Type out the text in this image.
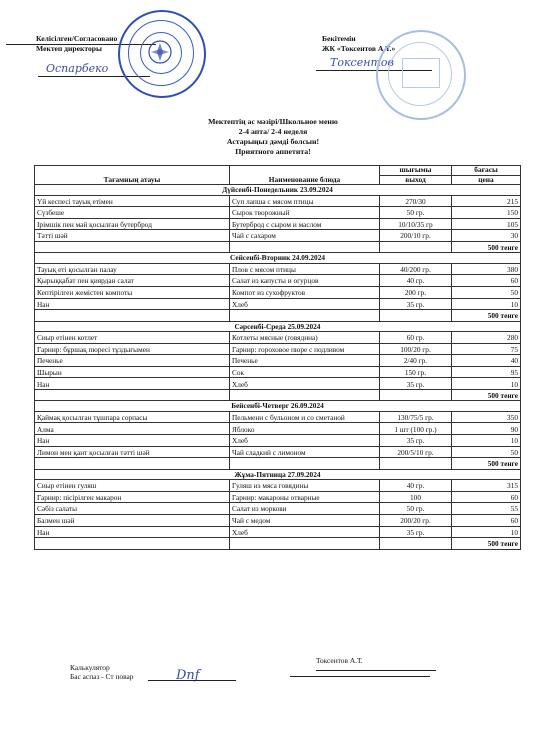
Келісілген/Согласовано
Мектеп директоры
Оспарбеко
Бекітемін
ЖК «Токсентов А.Т.»
Токсентов
Мектептің ас мәзірі/Школьное меню
2-4 апта/ 2-4 неделя
Астарыңыз дәмді болсын!
Приятного аппетита!
Тағамның атауы	Наименование блюда	шығымы	бағасы
		выход	цена
Дүйсенбі-Понедельник 23.09.2024			
Үй кеспесі тауық етімен	Суп лапша с мясом птицы	270/30	215
Сүзбеше	Сырок творожный	50 гр.	150
Ірімшік пен май қосылған бутерброд	Бутерброд с сыром и маслом	10/10/35 гр	105
Тәтті шәй	Чай с сахаром	200/10 гр.	30
			500 тенге
Сейсенбі-Вторник 24.09.2024			
Тауық еті қосылған палау	Плов с мясом птицы	40/200 гр.	380
Қырыққабат пен қиярдан салат	Салат из капусты и огурцов	40 гр.	60
Кептірілген жемістен компоты	Компот из сухофруктов	200 гр.	50
Нан	Хлеб	35 гр.	10
			500 тенге
Сәрсенбі-Среда 25.09.2024			
Сиыр етінен котлет	Котлеты мясные (говядина)	60 гр.	280
Гарнир: бұршақ пюресі тұздығымен	Гарнир: гороховое пюре с подливом	100/20 гр.	75
Печенье	Печенье	2/40 гр.	40
Шырын	Сок	150 гр.	95
Нан	Хлеб	35 гр.	10
			500 тенге
Бейсенбі-Четверг 26.09.2024			
Қаймақ қосылған тұшпара сорпасы	Пельмени с бульоном и со сметаной	130/75/5 гр.	350
Алма	Яблоко	1 шт (100 гр.)	90
Нан	Хлеб	35 гр.	10
Лимон мен қант қосылған тәтті шәй	Чай сладкий с лимоном	200/5/10 гр.	50
			500 тенге
Жұма-Пятница 27.09.2024			
Сиыр етінен гуляш	Гуляш из мяса говядины	40 гр.	315
Гарнир: пісірілген макарон	Гарнир: макароны отварные	100	60
Сәбіз салаты	Салат из моркови	50 гр.	55
Балмен шәй	Чай с медом	200/20 гр.	60
Нан	Хлеб	35 гр.	10
			500 тенге
Калькулятор
Бас аспаз - Ст повар	Dnf
Токсентов А.Т.
